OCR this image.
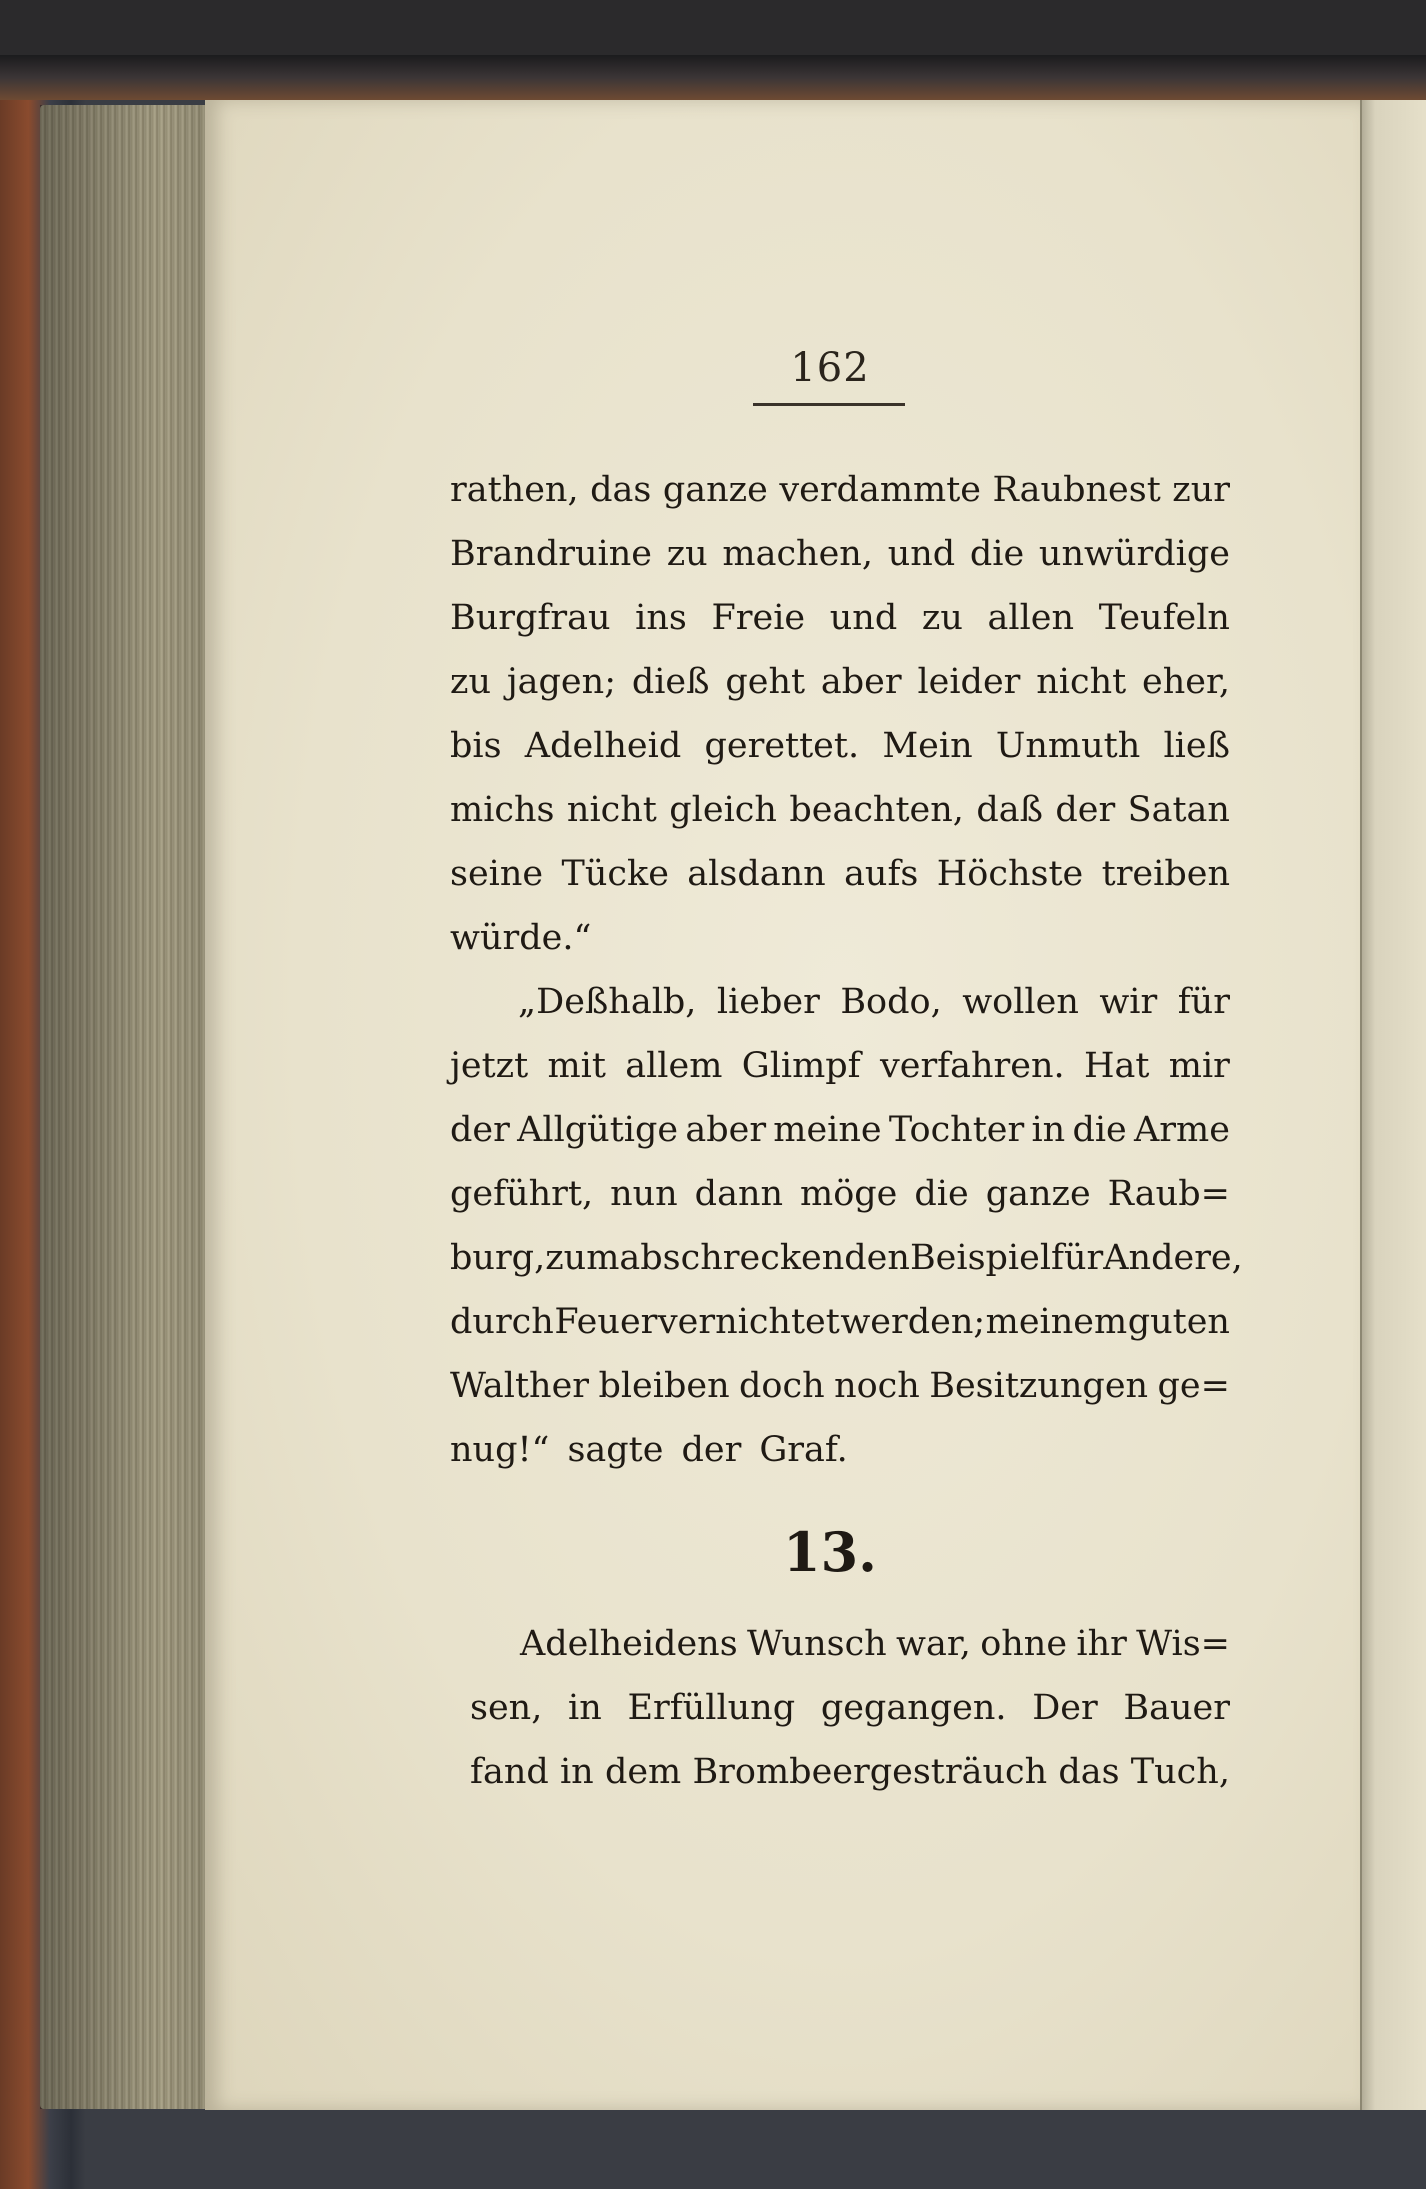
162
rathen, das ganze verdammte Raubnest zur
Brandruine zu machen, und die unwürdige
Burgfrau ins Freie und zu allen Teufeln
zu jagen; dieß geht aber leider nicht eher,
bis Adelheid gerettet. Mein Unmuth ließ
michs nicht gleich beachten, daß der Satan
seine Tücke alsdann aufs Höchste treiben
würde.“
„Deßhalb, lieber Bodo, wollen wir für
jetzt mit allem Glimpf verfahren. Hat mir
der Allgütige aber meine Tochter in die Arme
geführt, nun dann möge die ganze Raub=
burg, zum abschreckenden Beispiel für Andere,
durch Feuer vernichtet werden; meinem guten
Walther bleiben doch noch Besitzungen ge=
nug!“ sagte der Graf.
13.
Adelheidens Wunsch war, ohne ihr Wis=
sen, in Erfüllung gegangen. Der Bauer
fand in dem Brombeergesträuch das Tuch,
